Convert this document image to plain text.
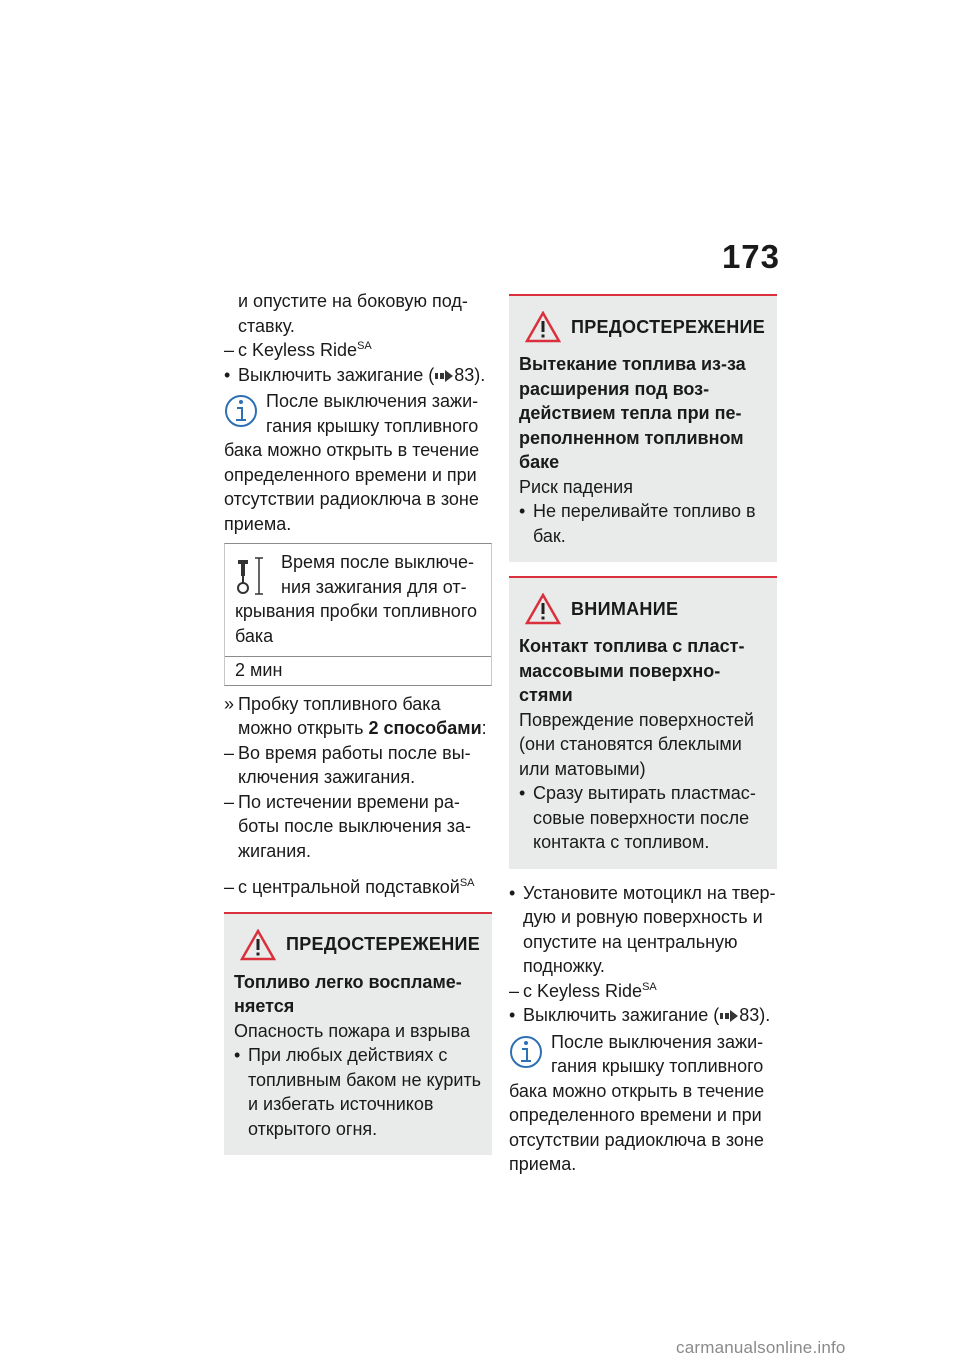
173

и опустите на боковую под-
ставку.

– с Keyless Ride$^{SA}$

• Выключить зажигание ( 83).

После выключения зажигания крышку топливного бака можно открыть в течение определенного времени и при отсутствии радиоключа в зоне приема.

Время после выключения зажигания для открывания пробки топливного бака

2 мин

» Пробку топливного бака можно открыть 2 способами:

– Во время работы после выключения зажигания.

– По истечении времени работы после выключения зажигания.

– с центральной подставкой$^{SA}$

ПРЕДОСТЕРЕЖЕНИЕ

Топливо легко воспламеняется

Опасность пожара и взрыва

• При любых действиях с топливным баком не курить и избегать источников открытого огня.

ПРЕДОСТЕРЕЖЕНИЕ

Вытекание топлива из-за расширения под воздействием тепла при переполненном топливном баке

Риск падения

• Не переливайте топливо в бак.

ВНИМАНИЕ

Контакт топлива с пластмассовыми поверхностями

Повреждение поверхностей (они становятся блеклыми или матовыми)

• Сразу вытирать пластмассовые поверхности после контакта с топливом.

• Установите мотоцикл на твердую и ровную поверхность и опустите на центральную подножку.

– с Keyless Ride$^{SA}$

• Выключить зажигание ( 83).

После выключения зажигания крышку топливного бака можно открыть в течение определенного времени и при отсутствии радиоключа в зоне приема.

carmanualsonline.info
